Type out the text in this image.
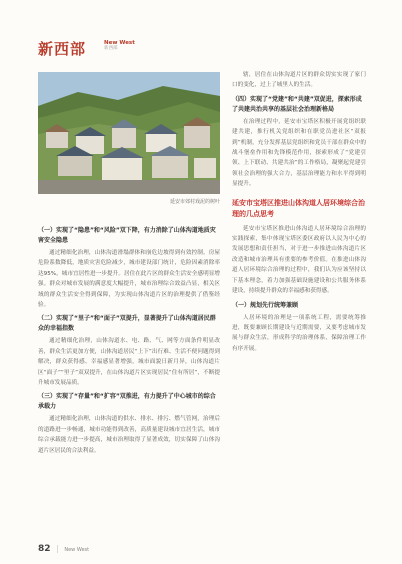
新西部	New West
新西部
延安市郊村戏泥的树叶
（一）实现了“隐患”和“风险”双下降，有力消除了山体沟道地质灾害安全隐患

通过精细化治理，山体沟道滑塌群体和崩危边坡得到有效控制。房屋危险系数降低，地质灾害危险减少，城市建设部门统计，危险因素消除率达95%，城市宜居性进一步提升。居住在此片区的群众生活安全感明显增强。群众对城市发展的满意度大幅提升，城市治理综合效益凸显，相关区域的群众生活安全得到保障，为实现山体沟道片区的治理提供了借鉴经验。

（二）实现了“里子”和“面子”双提升，显著提升了山体沟道居民群众的幸福指数

通过精细化治理，山体沟道水、电、路、气、网等方面条件明显改善，群众生活更加方便，山体沟道居民“上下”出行难、生活不便问题得到解决，群众获得感、幸福感显著增强，城市面貌日新月异，山体沟道片区“面子”“里子”双双提升，在山体沟道片区实现居民“住有所居”，不断提升城市发展品质。

（三）实现了“存量”和“扩容”双推进，有力提升了中心城市的综合承载力

通过精细化治理，山体沟道的供水、排水、排污、燃气管网，治理后的道路进一步畅通，城市功能得到改善，高质量建设城市宜居生活，城市综合承载能力进一步提高，城市治理取得了显著成效，切实保障了山体沟道片区居民的合法利益。

辖，居住在山体沟道片区的群众切实实现了家门口的变化，过上了城里人的生活。

（四）实现了“党建”和“共建”双促进，探索形成了共建共治共享的基层社会治理新格局

在治理过程中，延安市宝塔区积极开展党组织联建共建，推行机关党组织和在职党员进社区“双报到”机制，充分发挥基层党组织和党员干部在群众中的战斗堡垒作用和先锋模范作用，探索形成了“党建引领、上下联动、共建共治”的工作格局，凝聚起党建引领社会治理的强大合力，基层治理能力和水平得到明显提升。

延安市宝塔区推进山体沟道人居环境综合治理的几点思考

延安市宝塔区推进山体沟道人居环境综合治理的实践探索，集中体现宝塔区委区政府以人民为中心的发展思想和责任担当，对于进一步推进山体沟道片区改造和城市治理具有重要的参考价值。在推进山体沟道人居环境综合治理的过程中，我们认为应该坚持以下基本理念，着力加强基础设施建设和公共服务体系建设，持续提升群众的幸福感和获得感。

（一）规划先行统筹兼顾

人居环境的治理是一项系统工程，需要统筹推进，既要兼顾长期建设与近期需要，又要考虑城市发展与群众生活，形成科学的治理体系，保障治理工作有序开展。

82 | New West
